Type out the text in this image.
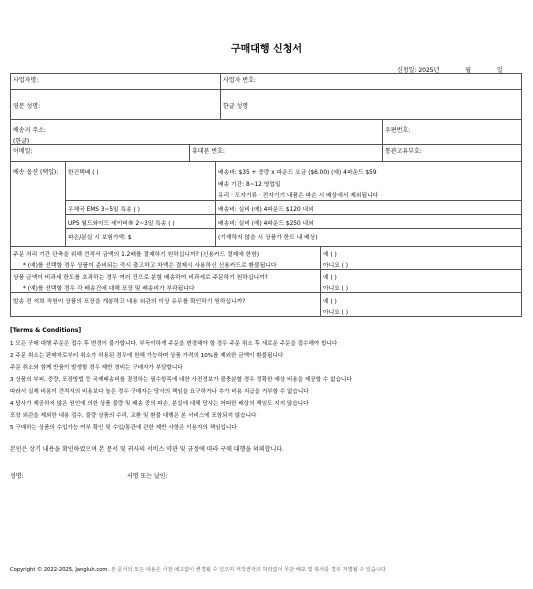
구매대행 신청서
신청일: 2025년	월	일
사업자명:	사업자 번호:
영문 성명:	한글 성명
배송지 주소:
(한글)
우편번호:
이메일:	휴대폰 번호:	통관고유부호:
배송 옵션 (택일):	한진택배 ( )	배송비: $35 + 중량 x 파운드 요금 ($6.00) (예) 4파운드 $59
배송 기간: 8~12 영업일
유리 · 도자기류 · 전자기기 내품은 파손 시 배상에서 제외됩니다
우체국 EMS 3~5일 특송 ( )	배송비: 실비 (예) 4파운드 $120 내외
UPS 월드와이드 세이버® 2~3일 특송 ( )	배송비: 실비 (예) 4파운드 $250 내외
파손/분실 시 보험가액: $	(기재하지 않을 시 상품가 한도 내 배상)
주문 처리 기간 단축을 위해 견적서 금액의 1.2배를 결제하기 원하십니까? (신용카드 결제에 한함)
* (예)를 선택할 경우 상품이 준비되는 즉시 출고하고 차액은 결제시 사용하신 신용카드로 환불됩니다
예 ( )
아니요 ( )
상품 금액이 비과세 한도를 초과하는 경우 여러 건으로 분할 배송하여 비과세로 주문하기 원하십니까?
* (예)를 선택할 경우 각 배송건에 대해 포장 및 배송비가 부과됩니다
예 ( )
아니요 ( )
발송 전 저희 직원이 상품의 포장을 개봉하고 내용 외관의 이상 유무를 확인하기 원하십니까?	예 ( )
아니요 ( )
[Terms & Conditions]
1 모든 구매 대행 주문은 접수 후 변경이 불가합니다. 부득이하게 주문을 변경해야 할 경우 주문 취소 후 새로운 주문을 접수해야 합니다
2 주문 취소는 판매자로부터 취소가 허용된 경우에 한해 가능하며 상품 가격의 10%를 제외한 금액이 환불됩니다
주문 취소와 함께 반품이 발생할 경우 제반 경비는 구매자가 부담합니다
3 상품의 부피, 중량, 포장방법 등 국제배송비를 결정하는 필수항목에 대한 사전정보가 불충분할 경우 정확한 예상 비용을 제공할 수 없습니다
따라서 실제 비용이 견적서의 비용보다 높은 경우 구매자는 당사의 책임을 요구하거나 추가 비용 지급을 거부할 수 없습니다
4 당사가 제공하지 않은 원인에 의한 상품 불량 및 배송 중의 파손, 분실에 대해 당사는 어떠한 배상의 책임도 지지 않습니다
포장 외관을 제외한 내용 검수, 불량 상품의 수리, 교환 및 환불 대행은 본 서비스에 포함되지 않습니다
5 구매하는 상품의 수입가능 여부 확인 및 수입/통관에 관한 제반 사항은 이용자의 책임입니다
본인은 상기 내용을 확인하였으며 본 문서 및 귀사의 서비스 약관 및 규정에 따라 구매 대행을 의뢰합니다.
성명:	서명 또는 날인:
Copyright © 2022-2025, Jangluh.com. 본 문서의 모든 내용은 사전 예고없이 변경될 수 있으며 저작권자의 허락없이 무단 배포 및 복사를 경우 처벌될 수 있습니다
